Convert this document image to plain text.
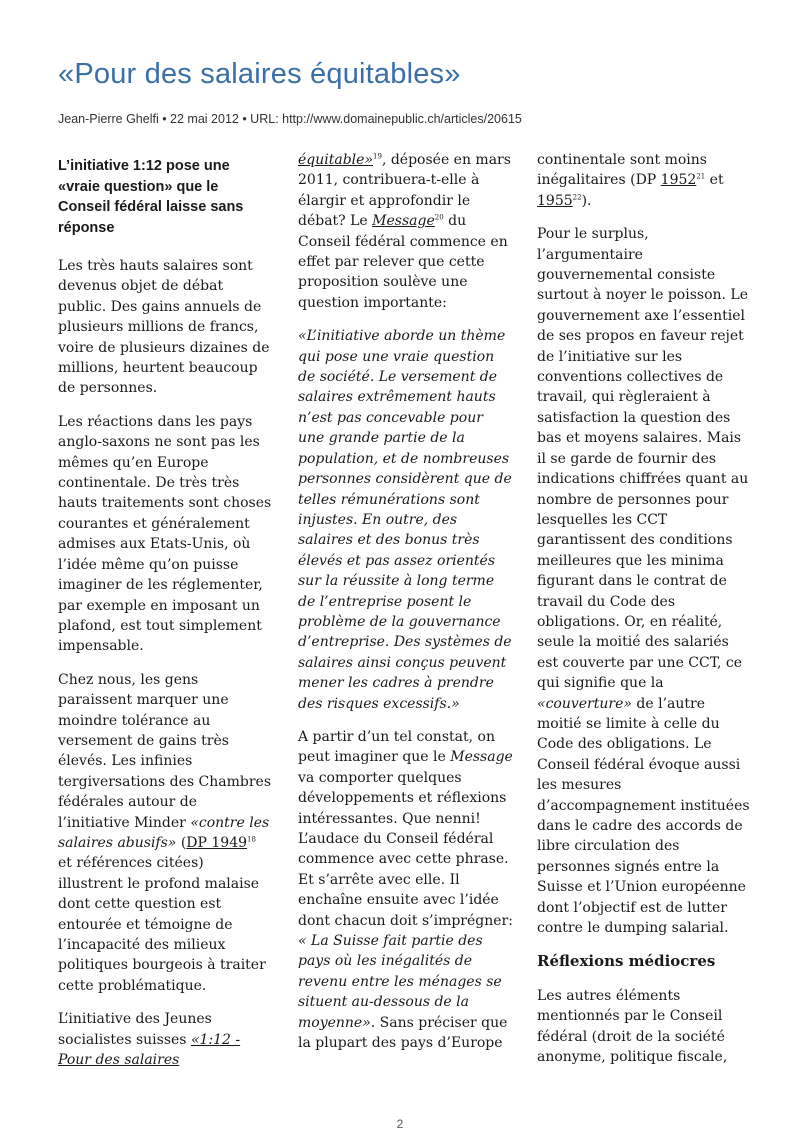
«Pour des salaires équitables»
Jean-Pierre Ghelfi • 22 mai 2012 • URL: http://www.domainepublic.ch/articles/20615

L’initiative 1:12 pose une «vraie question» que le Conseil fédéral laisse sans réponse

Les très hauts salaires sont devenus objet de débat public. Des gains annuels de plusieurs millions de francs, voire de plusieurs dizaines de millions, heurtent beaucoup de personnes.

Les réactions dans les pays anglo-saxons ne sont pas les mêmes qu’en Europe continentale. De très très hauts traitements sont choses courantes et généralement admises aux Etats-Unis, où l’idée même qu’on puisse imaginer de les réglementer, par exemple en imposant un plafond, est tout simplement impensable.

Chez nous, les gens paraissent marquer une moindre tolérance au versement de gains très élevés. Les infinies tergiversations des Chambres fédérales autour de l’initiative Minder «contre les salaires abusifs» (DP 1949$^{18}$ et références citées) illustrent le profond malaise dont cette question est entourée et témoigne de l’incapacité des milieux politiques bourgeois à traiter cette problématique.

L’initiative des Jeunes socialistes suisses «1:12 - Pour des salaires

équitable»$^{19}$, déposée en mars 2011, contribuera-t-elle à élargir et approfondir le débat? Le Message$^{20}$ du Conseil fédéral commence en effet par relever que cette proposition soulève une question importante:

«L’initiative aborde un thème qui pose une vraie question de société. Le versement de salaires extrêmement hauts n’est pas concevable pour une grande partie de la population, et de nombreuses personnes considèrent que de telles rémunérations sont injustes. En outre, des salaires et des bonus très élevés et pas assez orientés sur la réussite à long terme de l’entreprise posent le problème de la gouvernance d’entreprise. Des systèmes de salaires ainsi conçus peuvent mener les cadres à prendre des risques excessifs.»

A partir d’un tel constat, on peut imaginer que le Message va comporter quelques développements et réflexions intéressantes. Que nenni! L’audace du Conseil fédéral commence avec cette phrase. Et s’arrête avec elle. Il enchaîne ensuite avec l’idée dont chacun doit s’imprégner: « La Suisse fait partie des pays où les inégalités de revenu entre les ménages se situent au-dessous de la moyenne». Sans préciser que la plupart des pays d’Europe

continentale sont moins inégalitaires (DP 1952$^{21}$ et 1955$^{22}$).

Pour le surplus, l’argumentaire gouvernemental consiste surtout à noyer le poisson. Le gouvernement axe l’essentiel de ses propos en faveur rejet de l’initiative sur les conventions collectives de travail, qui règleraient à satisfaction la question des bas et moyens salaires. Mais il se garde de fournir des indications chiffrées quant au nombre de personnes pour lesquelles les CCT garantissent des conditions meilleures que les minima figurant dans le contrat de travail du Code des obligations. Or, en réalité, seule la moitié des salariés est couverte par une CCT, ce qui signifie que la «couverture» de l’autre moitié se limite à celle du Code des obligations. Le Conseil fédéral évoque aussi les mesures d’accompagnement instituées dans le cadre des accords de libre circulation des personnes signés entre la Suisse et l’Union européenne dont l’objectif est de lutter contre le dumping salarial.

Réflexions médiocres

Les autres éléments mentionnés par le Conseil fédéral (droit de la société anonyme, politique fiscale,

2
